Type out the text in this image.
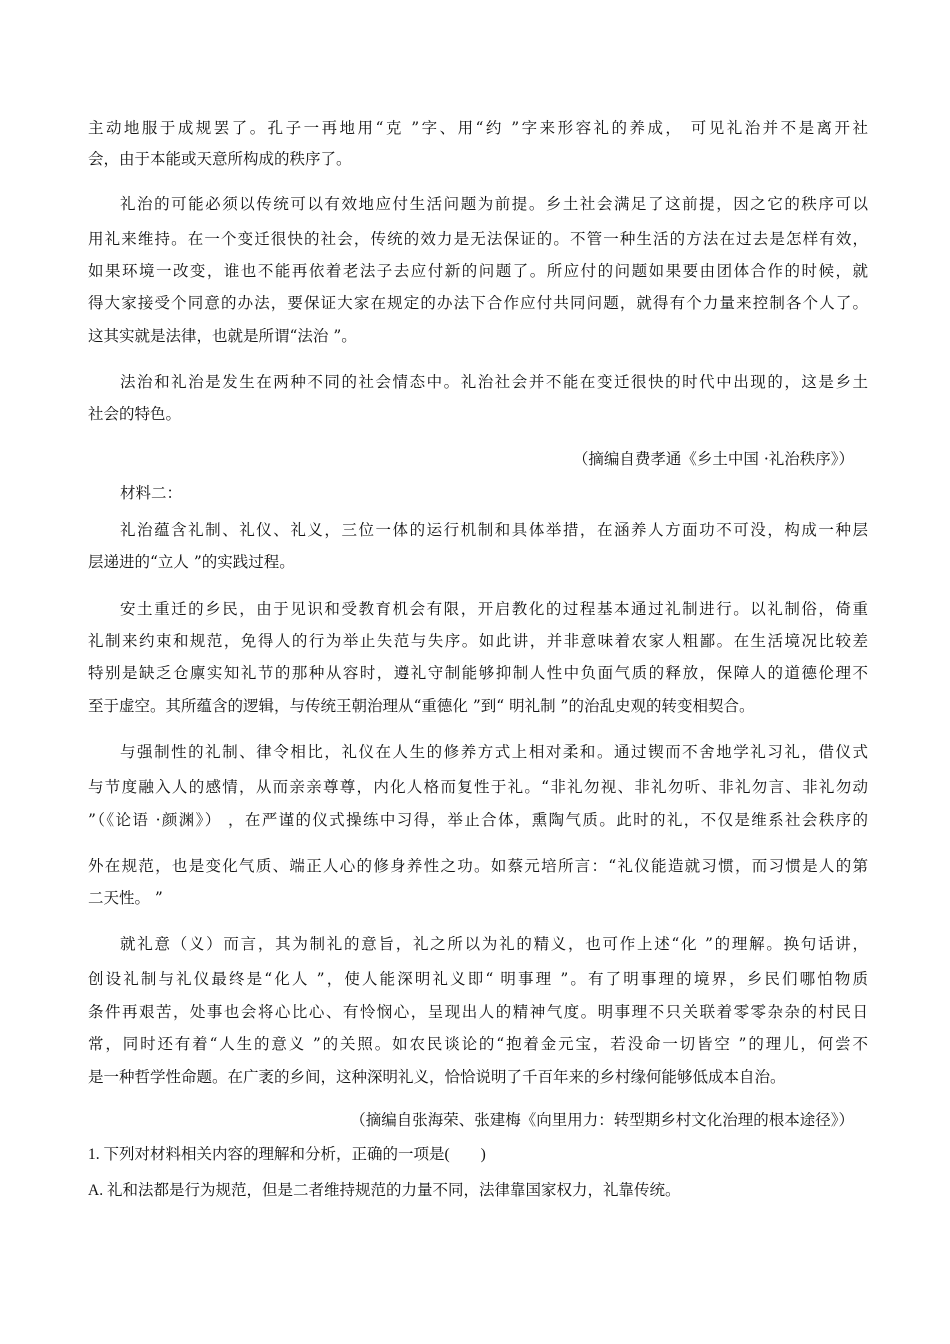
主动地服于成规罢了。孔子一再地用“克 ”字、用“约 ”字来形容礼的养成， 可见礼治并不是离开社
会，由于本能或天意所构成的秩序了。
礼治的可能必须以传统可以有效地应付生活问题为前提。乡土社会满足了这前提，因之它的秩序可以
用礼来维持。在一个变迁很快的社会，传统的效力是无法保证的。不管一种生活的方法在过去是怎样有效，
如果环境一改变，谁也不能再依着老法子去应付新的问题了。所应付的问题如果要由团体合作的时候，就
得大家接受个同意的办法，要保证大家在规定的办法下合作应付共同问题，就得有个力量来控制各个人了。
这其实就是法律，也就是所谓“法治 ”。
法治和礼治是发生在两种不同的社会情态中。礼治社会并不能在变迁很快的时代中出现的，这是乡土
社会的特色。
（摘编自费孝通《乡土中国 ·礼治秩序》）
材料二：
礼治蕴含礼制、礼仪、礼义，三位一体的运行机制和具体举措，在涵养人方面功不可没，构成一种层
层递进的“立人 ”的实践过程。
安土重迁的乡民，由于见识和受教育机会有限，开启教化的过程基本通过礼制进行。以礼制俗，倚重
礼制来约束和规范，免得人的行为举止失范与失序。如此讲，并非意味着农家人粗鄙。在生活境况比较差
特别是缺乏仓廪实知礼节的那种从容时，遵礼守制能够抑制人性中负面气质的释放，保障人的道德伦理不
至于虚空。其所蕴含的逻辑，与传统王朝治理从“重德化 ”到“ 明礼制 ”的治乱史观的转变相契合。
与强制性的礼制、律令相比，礼仪在人生的修养方式上相对柔和。通过锲而不舍地学礼习礼，借仪式
与节度融入人的感情，从而亲亲尊尊，内化人格而复性于礼。“非礼勿视、非礼勿听、非礼勿言、非礼勿动
”（《论语 ·颜渊》） ，在严谨的仪式操练中习得，举止合体，熏陶气质。此时的礼，不仅是维系社会秩序的
外在规范，也是变化气质、端正人心的修身养性之功。如蔡元培所言：“礼仪能造就习惯，而习惯是人的第
二天性。 ”
就礼意（义）而言，其为制礼的意旨，礼之所以为礼的精义，也可作上述“化 ”的理解。换句话讲，
创设礼制与礼仪最终是“化人 ”，使人能深明礼义即“ 明事理 ”。有了明事理的境界，乡民们哪怕物质
条件再艰苦，处事也会将心比心、有怜悯心，呈现出人的精神气度。明事理不只关联着零零杂杂的村民日
常，同时还有着“人生的意义 ”的关照。如农民谈论的“抱着金元宝，若没命一切皆空 ”的理儿，何尝不
是一种哲学性命题。在广袤的乡间，这种深明礼义，恰恰说明了千百年来的乡村缘何能够低成本自治。
（摘编自张海荣、张建梅《向里用力：转型期乡村文化治理的根本途径》）
1. 下列对材料相关内容的理解和分析，正确的一项是(　　)
A. 礼和法都是行为规范，但是二者维持规范的力量不同，法律靠国家权力，礼靠传统。
